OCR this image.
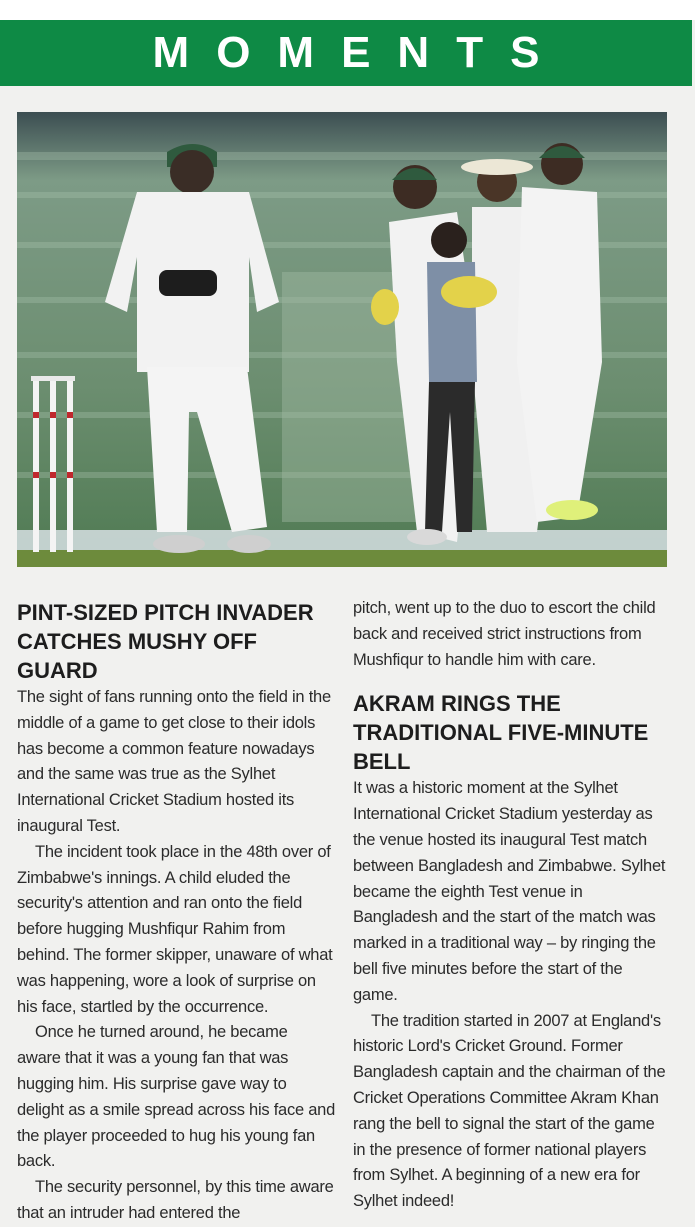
MOMENTS
PINT-SIZED PITCH INVADER CATCHES MUSHY OFF GUARD

The sight of fans running onto the field in the middle of a game to get close to their idols has become a common feature nowadays and the same was true as the Sylhet International Cricket Stadium hosted its inaugural Test.

The incident took place in the 48th over of Zimbabwe's innings. A child eluded the security's attention and ran onto the field before hugging Mushfiqur Rahim from behind. The former skipper, unaware of what was happening, wore a look of surprise on his face, startled by the occurrence.

Once he turned around, he became aware that it was a young fan that was hugging him. His surprise gave way to delight as a smile spread across his face and the player proceeded to hug his young fan back.

The security personnel, by this time aware that an intruder had entered the

pitch, went up to the duo to escort the child back and received strict instructions from Mushfiqur to handle him with care.

AKRAM RINGS THE TRADITIONAL FIVE-MINUTE BELL

It was a historic moment at the Sylhet International Cricket Stadium yesterday as the venue hosted its inaugural Test match between Bangladesh and Zimbabwe. Sylhet became the eighth Test venue in Bangladesh and the start of the match was marked in a traditional way – by ringing the bell five minutes before the start of the game.

The tradition started in 2007 at England's historic Lord's Cricket Ground. Former Bangladesh captain and the chairman of the Cricket Operations Committee Akram Khan rang the bell to signal the start of the game in the presence of former national players from Sylhet. A beginning of a new era for Sylhet indeed!
